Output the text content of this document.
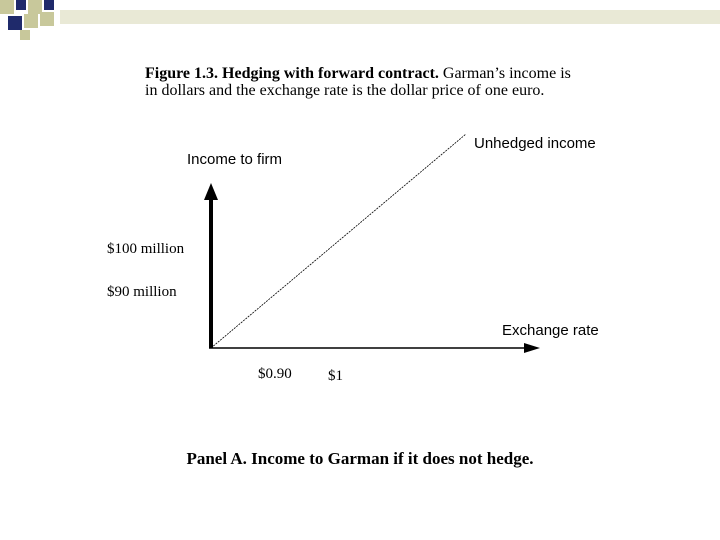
Figure 1.3. Hedging with forward contract. Garman’s income is in dollars and the exchange rate is the dollar price of one euro.
Income to firm
Exchange rate
Unhedged income
$100 million
$90 million
$0.90 $1
Panel A. Income to Garman if it does not hedge.
